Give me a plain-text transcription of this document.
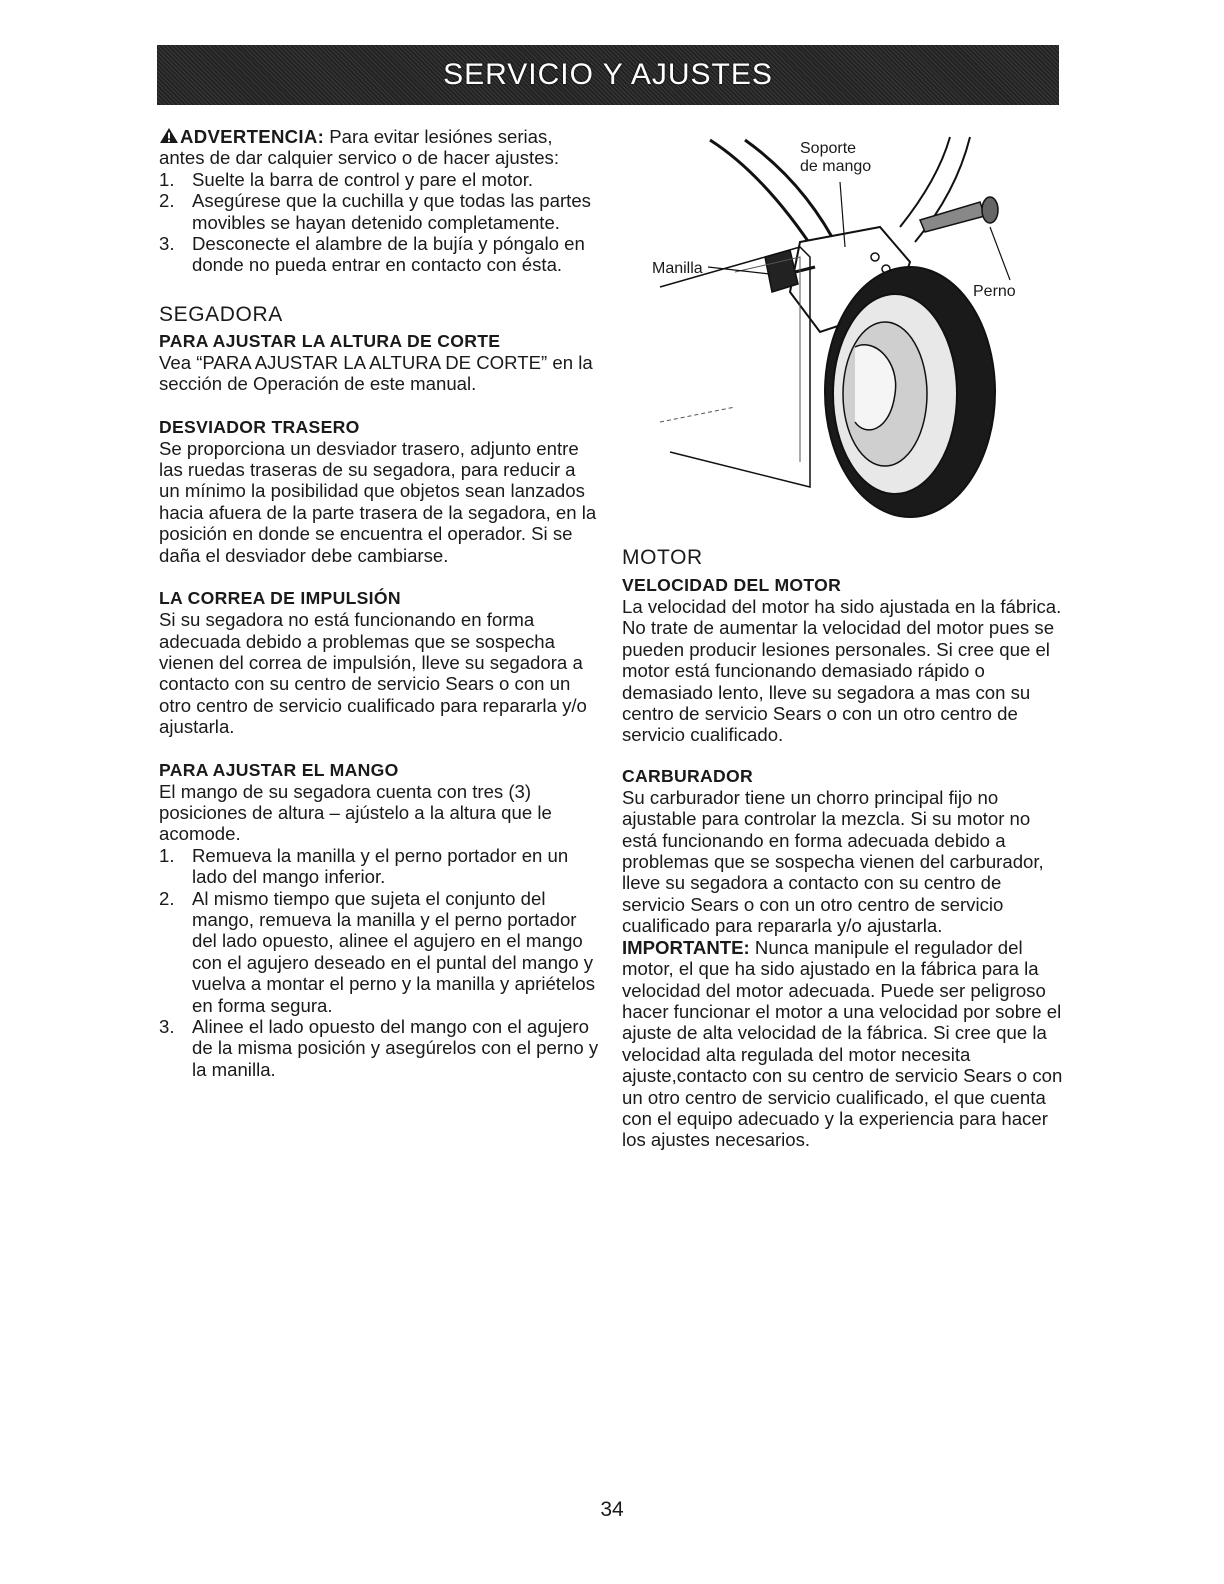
SERVICIO Y AJUSTES

ADVERTENCIA: Para evitar lesiónes serias, antes de dar calquier servico o de hacer ajustes:

1. Suelte la barra de control y pare el motor.
2. Asegúrese que la cuchilla y que todas las partes movibles se hayan detenido completamente.
3. Desconecte el alambre de la bujía y póngalo en donde no pueda entrar en contacto con ésta.
SEGADORA
PARA AJUSTAR LA ALTURA DE CORTE

Vea “PARA AJUSTAR LA ALTURA DE CORTE” en la sección de Operación de este manual.

DESVIADOR TRASERO

Se proporciona un desviador trasero, adjunto entre las ruedas traseras de su segadora, para reducir a un mínimo la posibilidad que objetos sean lanzados hacia afuera de la parte trasera de la segadora, en la posición en donde se encuentra el operador. Si se daña el desviador debe cambiarse.

LA CORREA DE IMPULSIÓN

Si su segadora no está funcionando en forma adecuada debido a problemas que se sospecha vienen del correa de impulsión, lleve su segadora a contacto con su centro de servicio Sears o con un otro centro de servicio cualificado para repararla y/o ajustarla.

PARA AJUSTAR EL MANGO

El mango de su segadora cuenta con tres (3) posiciones de altura – ajústelo a la altura que le acomode.

1. Remueva la manilla y el perno portador en un lado del mango inferior.
2. Al mismo tiempo que sujeta el conjunto del mango, remueva la manilla y el perno portador del lado opuesto, alinee el agujero en el mango con el agujero deseado en el puntal del mango y vuelva a montar el perno y la manilla y apriételos en forma segura.
3. Alinee el lado opuesto del mango con el agujero de la misma posición y asegúrelos con el perno y la manilla.
Soporte
de mango
Manilla
Perno
MOTOR
VELOCIDAD DEL MOTOR

La velocidad del motor ha sido ajustada en la fábrica. No trate de aumentar la velocidad del motor pues se pueden producir lesiones personales. Si cree que el motor está funcionando demasiado rápido o demasiado lento, lleve su segadora a mas con su centro de servicio Sears o con un otro centro de servicio cualificado.

CARBURADOR

Su carburador tiene un chorro principal fijo no ajustable para controlar la mezcla. Si su motor no está funcionando en forma adecuada debido a problemas que se sospecha vienen del carburador, lleve su segadora a contacto con su centro de servicio Sears o con un otro centro de servicio cualificado para repararla y/o ajustarla.

IMPORTANTE: Nunca manipule el regulador del motor, el que ha sido ajustado en la fábrica para la velocidad del motor adecuada. Puede ser peligroso hacer funcionar el motor a una velocidad por sobre el ajuste de alta velocidad de la fábrica. Si cree que la velocidad alta regulada del motor necesita ajuste,contacto con su centro de servicio Sears o con un otro centro de servicio cualificado, el que cuenta con el equipo adecuado y la experiencia para hacer los ajustes necesarios.

34
